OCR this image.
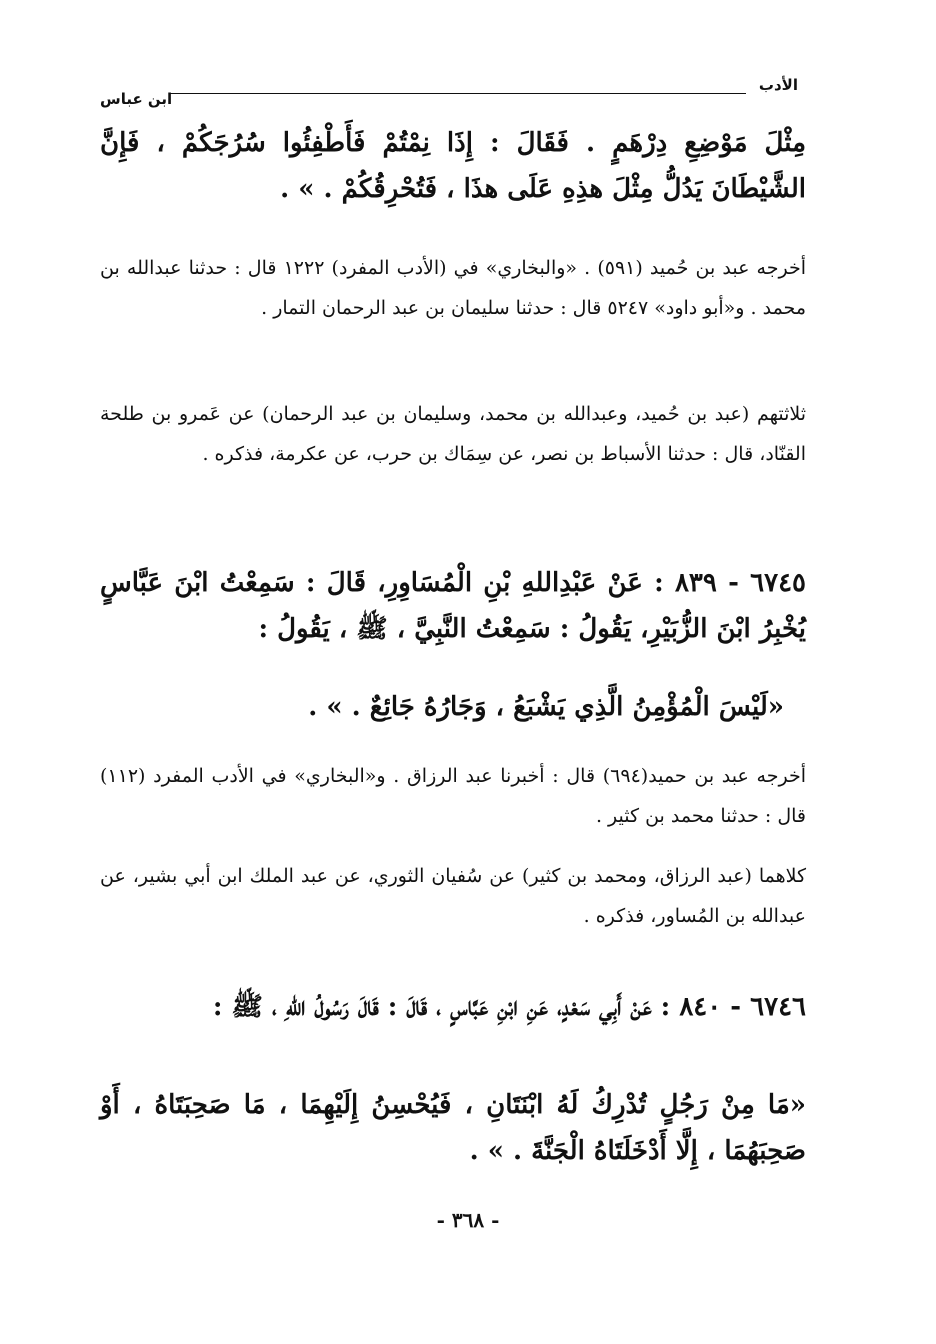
الأدب
ابن عباس
مِثْلَ مَوْضِعِ دِرْهَمٍ . فَقَالَ : إِذَا نِمْتُمْ فَأَطْفِئُوا سُرُجَكُمْ ، فَإِنَّ الشَّيْطَانَ يَدُلُّ مِثْلَ هذِهِ عَلَى هذَا ، فَتُحْرِقُكُمْ . » .
أخرجه عبد بن حُميد (٥٩١) . «والبخاري» في (الأدب المفرد) ١٢٢٢ قال : حدثنا عبدالله بن محمد . و«أبو داود» ٥٢٤٧ قال : حدثنا سليمان بن عبد الرحمان التمار .
ثلاثتهم (عبد بن حُميد، وعبدالله بن محمد، وسليمان بن عبد الرحمان) عن عَمرو بن طلحة القنّاد، قال : حدثنا الأسباط بن نصر، عن سِمَاك بن حرب، عن عكرمة، فذكره .
٦٧٤٥ - ٨٣٩ : عَنْ عَبْدِاللهِ بْنِ الْمُسَاوِرِ، قَالَ : سَمِعْتُ ابْنَ عَبَّاسٍ يُخْبِرُ ابْنَ الزُّبَيْرِ، يَقُولُ : سَمِعْتُ النَّبِيَّ ، ﷺ ، يَقُولُ :
«لَيْسَ الْمُؤْمِنُ الَّذِي يَشْبَعُ ، وَجَارُهُ جَائِعٌ . » .
أخرجه عبد بن حميد(٦٩٤) قال : أخبرنا عبد الرزاق . و«البخاري» في الأدب المفرد (١١٢) قال : حدثنا محمد بن كثير .
كلاهما (عبد الرزاق، ومحمد بن كثير) عن سُفيان الثوري، عن عبد الملك ابن أبي بشير، عن عبدالله بن المُساور، فذكره .
٦٧٤٦ - ٨٤٠ : عَنْ أَبِي سَعْدٍ، عَنِ ابْنِ عَبَّاسٍ ، قَالَ : قَالَ رَسُولُ اللهِ ، ﷺ :
«مَا مِنْ رَجُلٍ تُدْرِكُ لَهُ ابْنَتَانِ ، فَيُحْسِنُ إِلَيْهِمَا ، مَا صَحِبَتَاهُ ، أَوْ صَحِبَهُمَا ، إِلَّا أَدْخَلَتَاهُ الْجَنَّةَ . » .
- ٣٦٨ -
